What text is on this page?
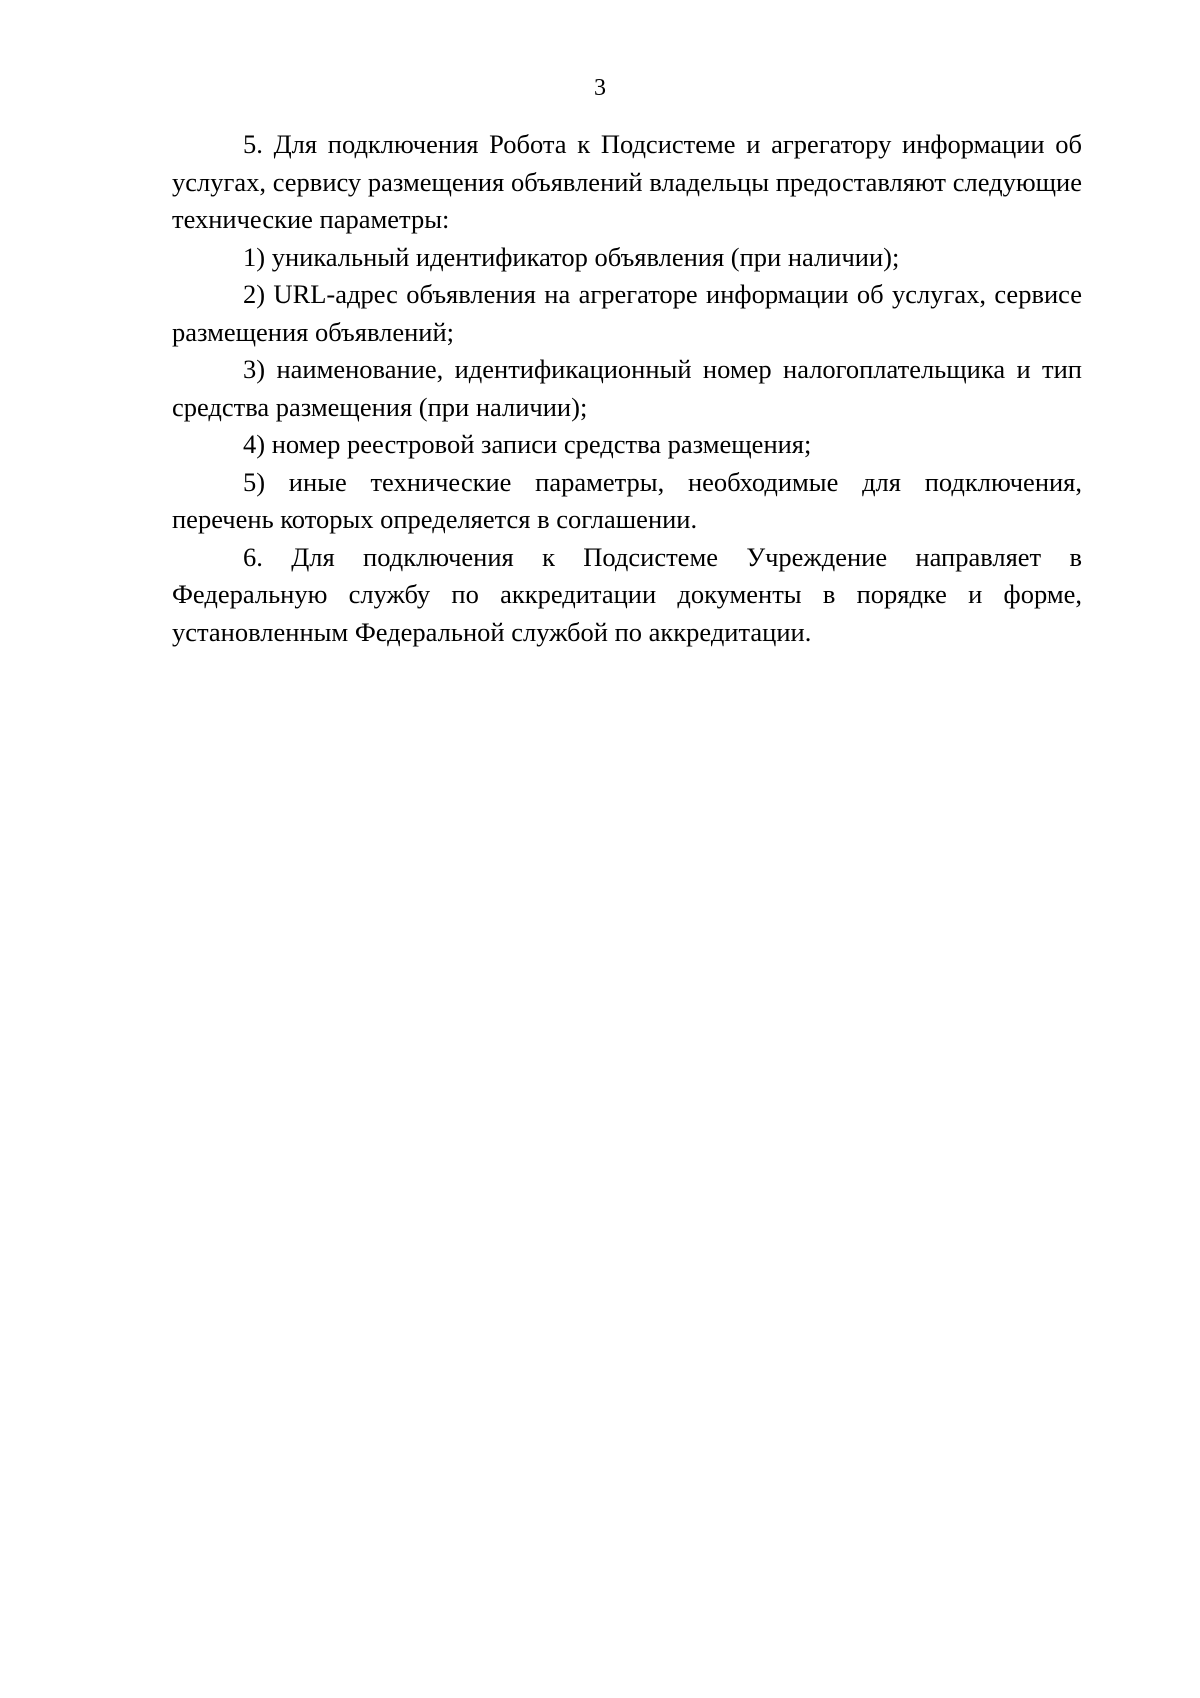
3

5. Для подключения Робота к Подсистеме и агрегатору информации об услугах, сервису размещения объявлений владельцы предоставляют следующие технические параметры:

1) уникальный идентификатор объявления (при наличии);

2) URL-адрес объявления на агрегаторе информации об услугах, сервисе размещения объявлений;

3) наименование, идентификационный номер налогоплательщика и тип средства размещения (при наличии);

4) номер реестровой записи средства размещения;

5) иные технические параметры, необходимые для подключения, перечень которых определяется в соглашении.

6. Для подключения к Подсистеме Учреждение направляет в Федеральную службу по аккредитации документы в порядке и форме, установленным Федеральной службой по аккредитации.
